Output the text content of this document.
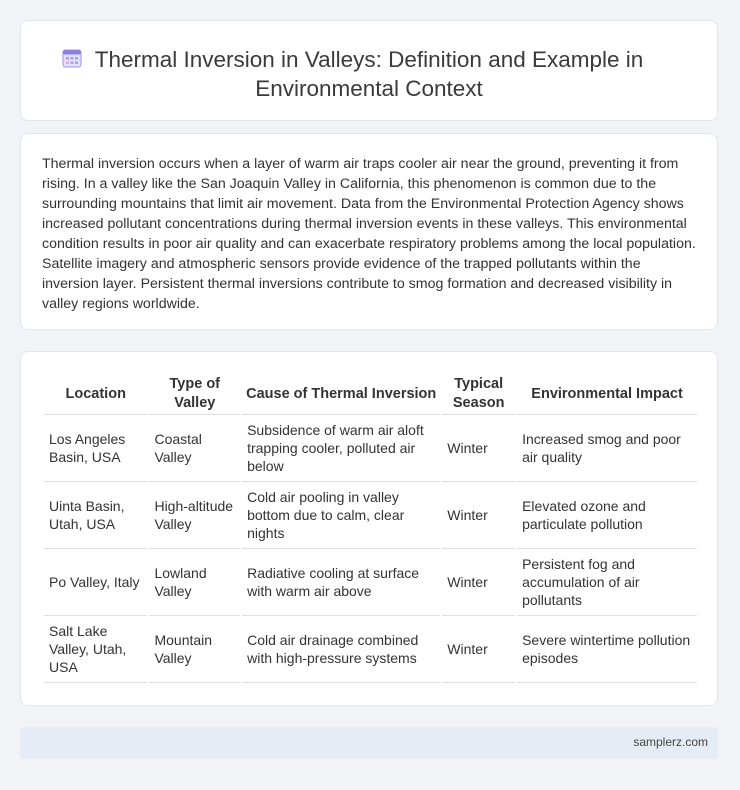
Thermal Inversion in Valleys: Definition and Example in Environmental Context

Thermal inversion occurs when a layer of warm air traps cooler air near the ground, preventing it from rising. In a valley like the San Joaquin Valley in California, this phenomenon is common due to the surrounding mountains that limit air movement. Data from the Environmental Protection Agency shows increased pollutant concentrations during thermal inversion events in these valleys. This environmental condition results in poor air quality and can exacerbate respiratory problems among the local population. Satellite imagery and atmospheric sensors provide evidence of the trapped pollutants within the inversion layer. Persistent thermal inversions contribute to smog formation and decreased visibility in valley regions worldwide.

Location	Type of Valley	Cause of Thermal Inversion	Typical Season	Environmental Impact
Los Angeles Basin, USA	Coastal Valley	Subsidence of warm air aloft trapping cooler, polluted air below	Winter	Increased smog and poor air quality
Uinta Basin, Utah, USA	High-altitude Valley	Cold air pooling in valley bottom due to calm, clear nights	Winter	Elevated ozone and particulate pollution
Po Valley, Italy	Lowland Valley	Radiative cooling at surface with warm air above	Winter	Persistent fog and accumulation of air pollutants
Salt Lake Valley, Utah, USA	Mountain Valley	Cold air drainage combined with high-pressure systems	Winter	Severe wintertime pollution episodes
samplerz.com
